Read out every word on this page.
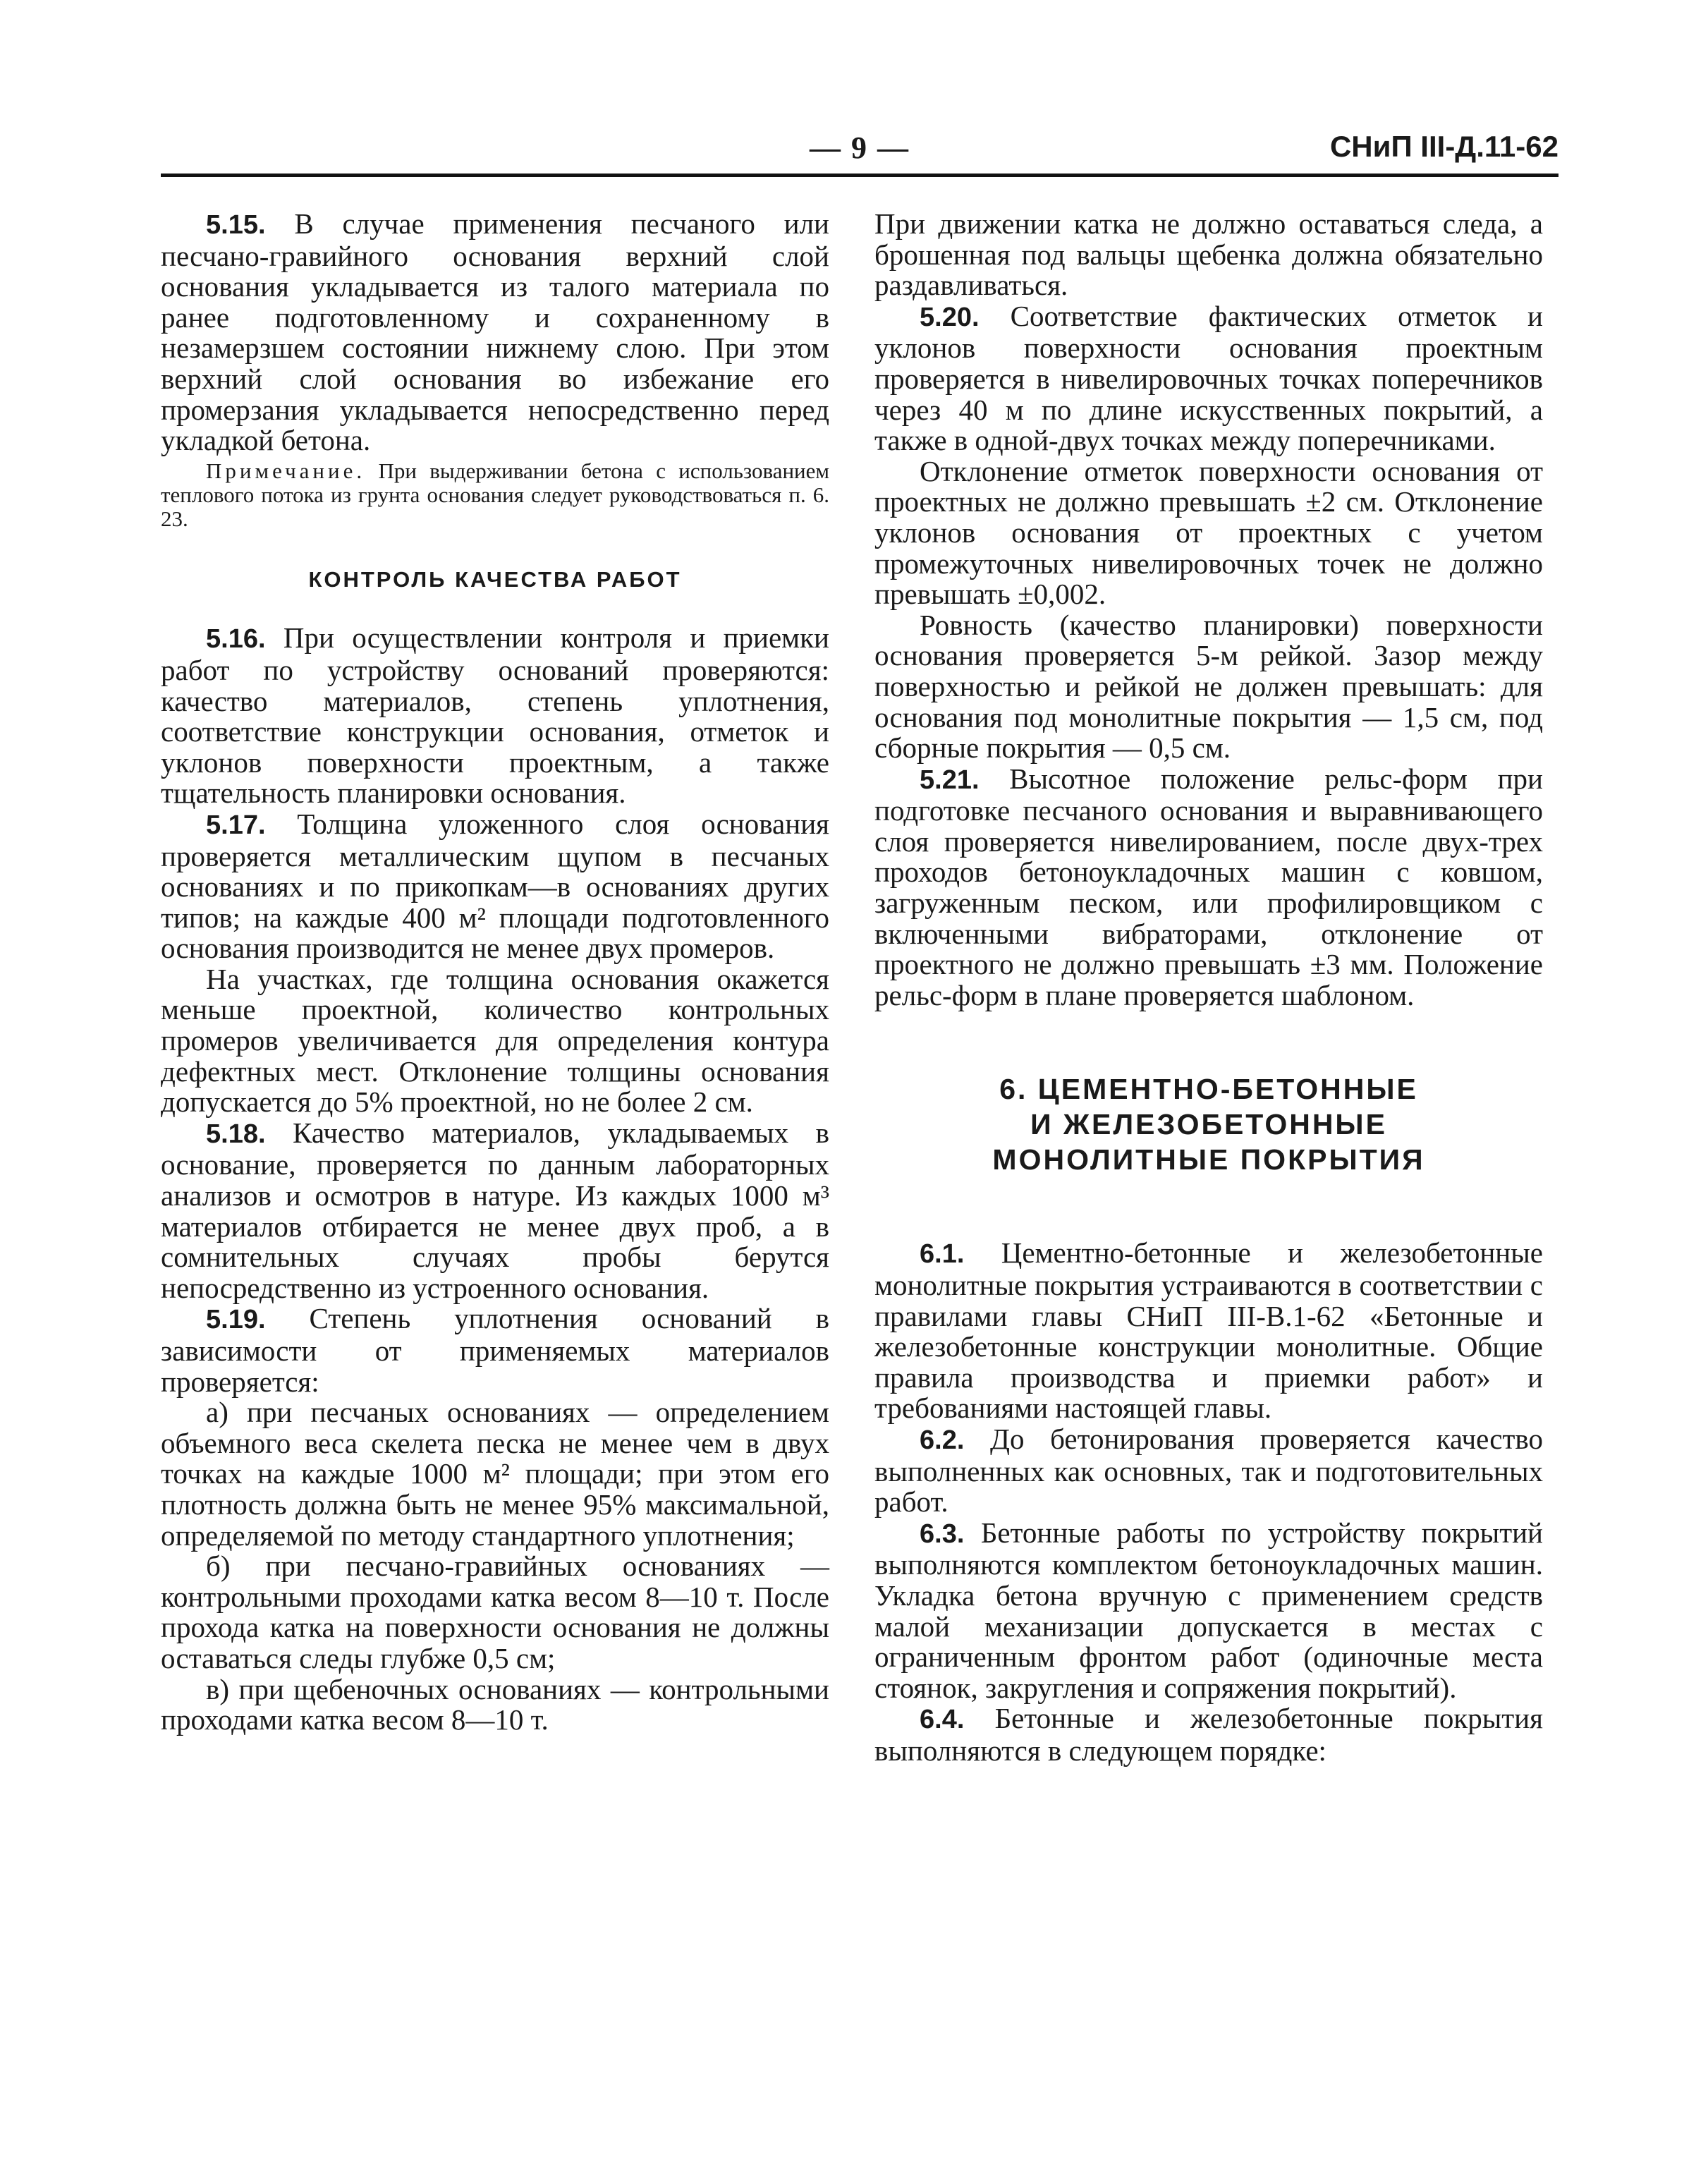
— 9 —	СНиП III-Д.11-62

5.15. В случае применения песчаного или песчано-гравийного основания верхний слой основания укладывается из талого материала по ранее подготовленному и сохраненному в незамерзшем состоянии нижнему слою. При этом верхний слой основания во избежание его промерзания укладывается непосредственно перед укладкой бетона.

Примечание. При выдерживании бетона с использованием теплового потока из грунта основания следует руководствоваться п. 6. 23.

КОНТРОЛЬ КАЧЕСТВА РАБОТ

5.16. При осуществлении контроля и приемки работ по устройству оснований проверяются: качество материалов, степень уплотнения, соответствие конструкции основания, отметок и уклонов поверхности проектным, а также тщательность планировки основания.

5.17. Толщина уложенного слоя основания проверяется металлическим щупом в песчаных основаниях и по прикопкам—в основаниях других типов; на каждые 400 м² площади подготовленного основания производится не менее двух промеров.

На участках, где толщина основания окажется меньше проектной, количество контрольных промеров увеличивается для определения контура дефектных мест. Отклонение толщины основания допускается до 5% проектной, но не более 2 см.

5.18. Качество материалов, укладываемых в основание, проверяется по данным лабораторных анализов и осмотров в натуре. Из каждых 1000 м³ материалов отбирается не менее двух проб, а в сомнительных случаях пробы берутся непосредственно из устроенного основания.

5.19. Степень уплотнения оснований в зависимости от применяемых материалов проверяется:

а) при песчаных основаниях — определением объемного веса скелета песка не менее чем в двух точках на каждые 1000 м² площади; при этом его плотность должна быть не менее 95% максимальной, определяемой по методу стандартного уплотнения;

б) при песчано-гравийных основаниях — контрольными проходами катка весом 8—10 т. После прохода катка на поверхности основания не должны оставаться следы глубже 0,5 см;

в) при щебеночных основаниях — контрольными проходами катка весом 8—10 т.

При движении катка не должно оставаться следа, а брошенная под вальцы щебенка должна обязательно раздавливаться.

5.20. Соответствие фактических отметок и уклонов поверхности основания проектным проверяется в нивелировочных точках поперечников через 40 м по длине искусственных покрытий, а также в одной-двух точках между поперечниками.

Отклонение отметок поверхности основания от проектных не должно превышать ±2 см. Отклонение уклонов основания от проектных с учетом промежуточных нивелировочных точек не должно превышать ±0,002.

Ровность (качество планировки) поверхности основания проверяется 5-м рейкой. Зазор между поверхностью и рейкой не должен превышать: для основания под монолитные покрытия — 1,5 см, под сборные покрытия — 0,5 см.

5.21. Высотное положение рельс-форм при подготовке песчаного основания и выравнивающего слоя проверяется нивелированием, после двух-трех проходов бетоноукладочных машин с ковшом, загруженным песком, или профилировщиком с включенными вибраторами, отклонение от проектного не должно превышать ±3 мм. Положение рельс-форм в плане проверяется шаблоном.

6. ЦЕМЕНТНО-БЕТОННЫЕ
И ЖЕЛЕЗОБЕТОННЫЕ
МОНОЛИТНЫЕ ПОКРЫТИЯ

6.1. Цементно-бетонные и железобетонные монолитные покрытия устраиваются в соответствии с правилами главы СНиП III-В.1-62 «Бетонные и железобетонные конструкции монолитные. Общие правила производства и приемки работ» и требованиями настоящей главы.

6.2. До бетонирования проверяется качество выполненных как основных, так и подготовительных работ.

6.3. Бетонные работы по устройству покрытий выполняются комплектом бетоноукладочных машин. Укладка бетона вручную с применением средств малой механизации допускается в местах с ограниченным фронтом работ (одиночные места стоянок, закругления и сопряжения покрытий).

6.4. Бетонные и железобетонные покрытия выполняются в следующем порядке:
